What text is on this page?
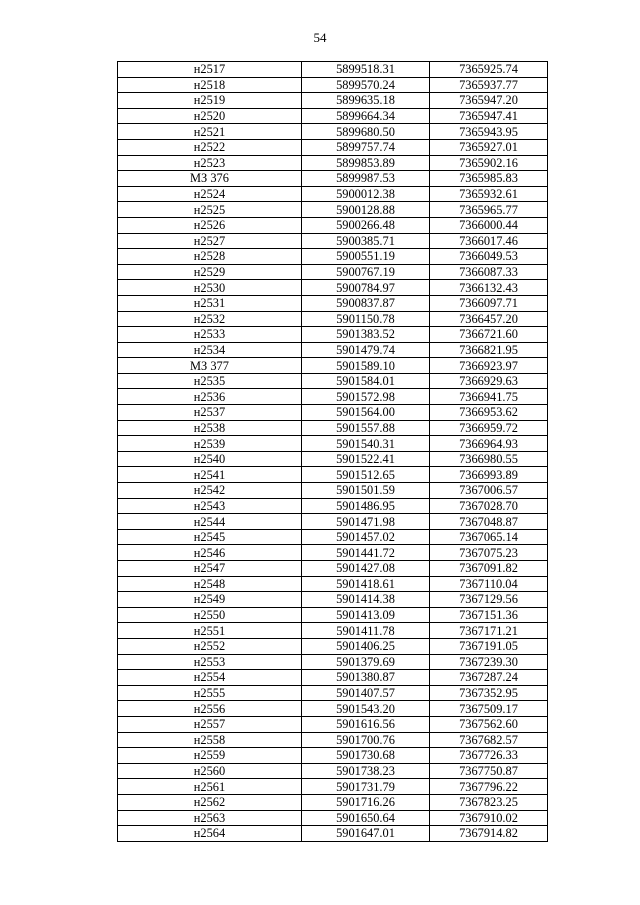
54
н2517	5899518.31	7365925.74
н2518	5899570.24	7365937.77
н2519	5899635.18	7365947.20
н2520	5899664.34	7365947.41
н2521	5899680.50	7365943.95
н2522	5899757.74	7365927.01
н2523	5899853.89	7365902.16
МЗ 376	5899987.53	7365985.83
н2524	5900012.38	7365932.61
н2525	5900128.88	7365965.77
н2526	5900266.48	7366000.44
н2527	5900385.71	7366017.46
н2528	5900551.19	7366049.53
н2529	5900767.19	7366087.33
н2530	5900784.97	7366132.43
н2531	5900837.87	7366097.71
н2532	5901150.78	7366457.20
н2533	5901383.52	7366721.60
н2534	5901479.74	7366821.95
МЗ 377	5901589.10	7366923.97
н2535	5901584.01	7366929.63
н2536	5901572.98	7366941.75
н2537	5901564.00	7366953.62
н2538	5901557.88	7366959.72
н2539	5901540.31	7366964.93
н2540	5901522.41	7366980.55
н2541	5901512.65	7366993.89
н2542	5901501.59	7367006.57
н2543	5901486.95	7367028.70
н2544	5901471.98	7367048.87
н2545	5901457.02	7367065.14
н2546	5901441.72	7367075.23
н2547	5901427.08	7367091.82
н2548	5901418.61	7367110.04
н2549	5901414.38	7367129.56
н2550	5901413.09	7367151.36
н2551	5901411.78	7367171.21
н2552	5901406.25	7367191.05
н2553	5901379.69	7367239.30
н2554	5901380.87	7367287.24
н2555	5901407.57	7367352.95
н2556	5901543.20	7367509.17
н2557	5901616.56	7367562.60
н2558	5901700.76	7367682.57
н2559	5901730.68	7367726.33
н2560	5901738.23	7367750.87
н2561	5901731.79	7367796.22
н2562	5901716.26	7367823.25
н2563	5901650.64	7367910.02
н2564	5901647.01	7367914.82
